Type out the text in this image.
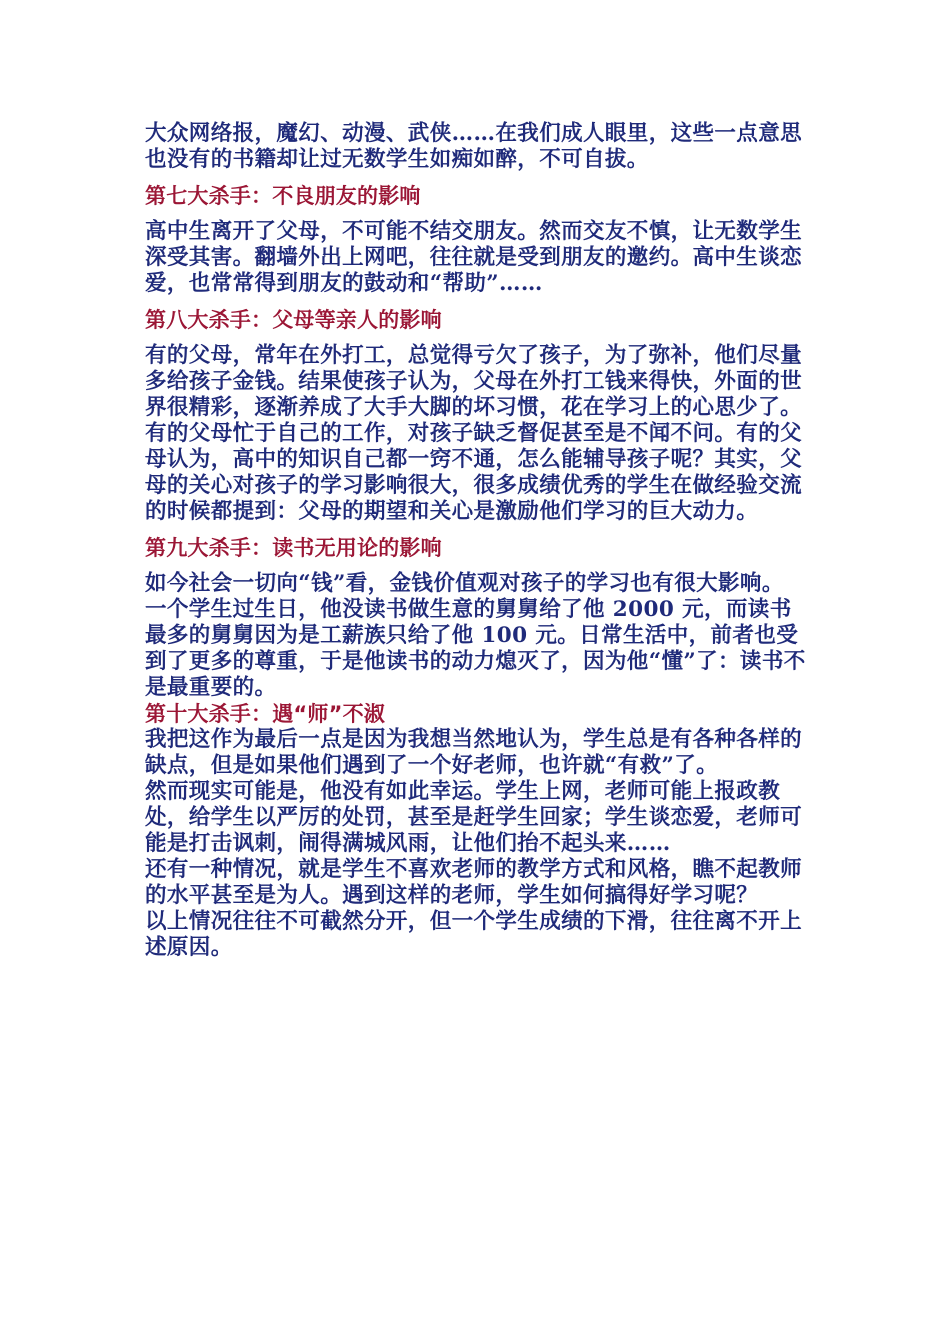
大众网络报，魔幻、动漫、武侠……在我们成人眼里，这些一点意思也没有的书籍却让过无数学生如痴如醉，不可自拔。

第七大杀手：不良朋友的影响

高中生离开了父母，不可能不结交朋友。然而交友不慎，让无数学生深受其害。翻墙外出上网吧，往往就是受到朋友的邀约。高中生谈恋爱，也常常得到朋友的鼓动和“帮助”……

第八大杀手：父母等亲人的影响

有的父母，常年在外打工，总觉得亏欠了孩子，为了弥补，他们尽量多给孩子金钱。结果使孩子认为，父母在外打工钱来得快，外面的世界很精彩，逐渐养成了大手大脚的坏习惯，花在学习上的心思少了。

有的父母忙于自己的工作，对孩子缺乏督促甚至是不闻不问。有的父母认为，高中的知识自己都一窍不通，怎么能辅导孩子呢？其实，父母的关心对孩子的学习影响很大，很多成绩优秀的学生在做经验交流的时候都提到：父母的期望和关心是激励他们学习的巨大动力。

第九大杀手：读书无用论的影响

如今社会一切向“钱”看，金钱价值观对孩子的学习也有很大影响。

一个学生过生日，他没读书做生意的舅舅给了他 2000 元，而读书最多的舅舅因为是工薪族只给了他 100 元。日常生活中，前者也受到了更多的尊重，于是他读书的动力熄灭了，因为他“懂”了：读书不是最重要的。

第十大杀手：遇“师”不淑

我把这作为最后一点是因为我想当然地认为，学生总是有各种各样的缺点，但是如果他们遇到了一个好老师，也许就“有救”了。

然而现实可能是，他没有如此幸运。学生上网，老师可能上报政教处，给学生以严厉的处罚，甚至是赶学生回家；学生谈恋爱，老师可能是打击讽刺，闹得满城风雨，让他们抬不起头来……

还有一种情况，就是学生不喜欢老师的教学方式和风格，瞧不起教师的水平甚至是为人。遇到这样的老师，学生如何搞得好学习呢？

以上情况往往不可截然分开，但一个学生成绩的下滑，往往离不开上述原因。
